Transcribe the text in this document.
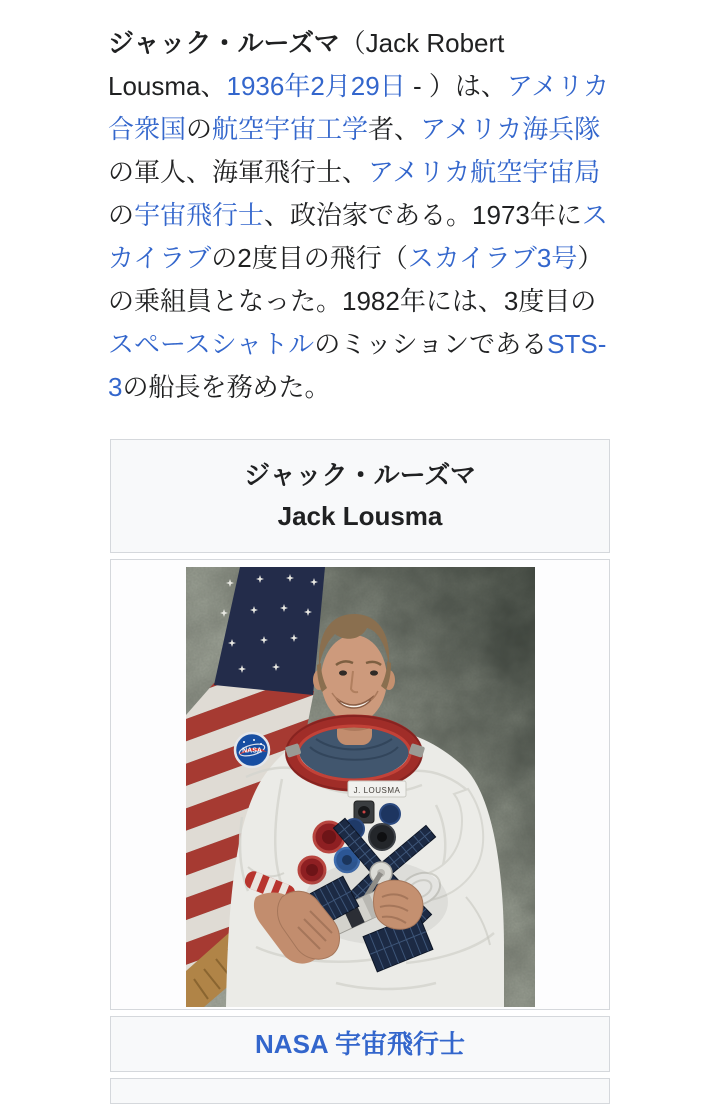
ジャック・ルーズマ（Jack Robert Lousma、1936年2月29日 - ）は、アメリカ合衆国の航空宇宙工学者、アメリカ海兵隊の軍人、海軍飛行士、アメリカ航空宇宙局の宇宙飛行士、政治家である。1973年にスカイラブの2度目の飛行（スカイラブ3号）の乗組員となった。1982年には、3度目のスペースシャトルのミッションであるSTS-3の船長を務めた。

ジャック・ルーズマ
Jack Lousma
NASA
J. LOUSMA
NASA 宇宙飛行士
